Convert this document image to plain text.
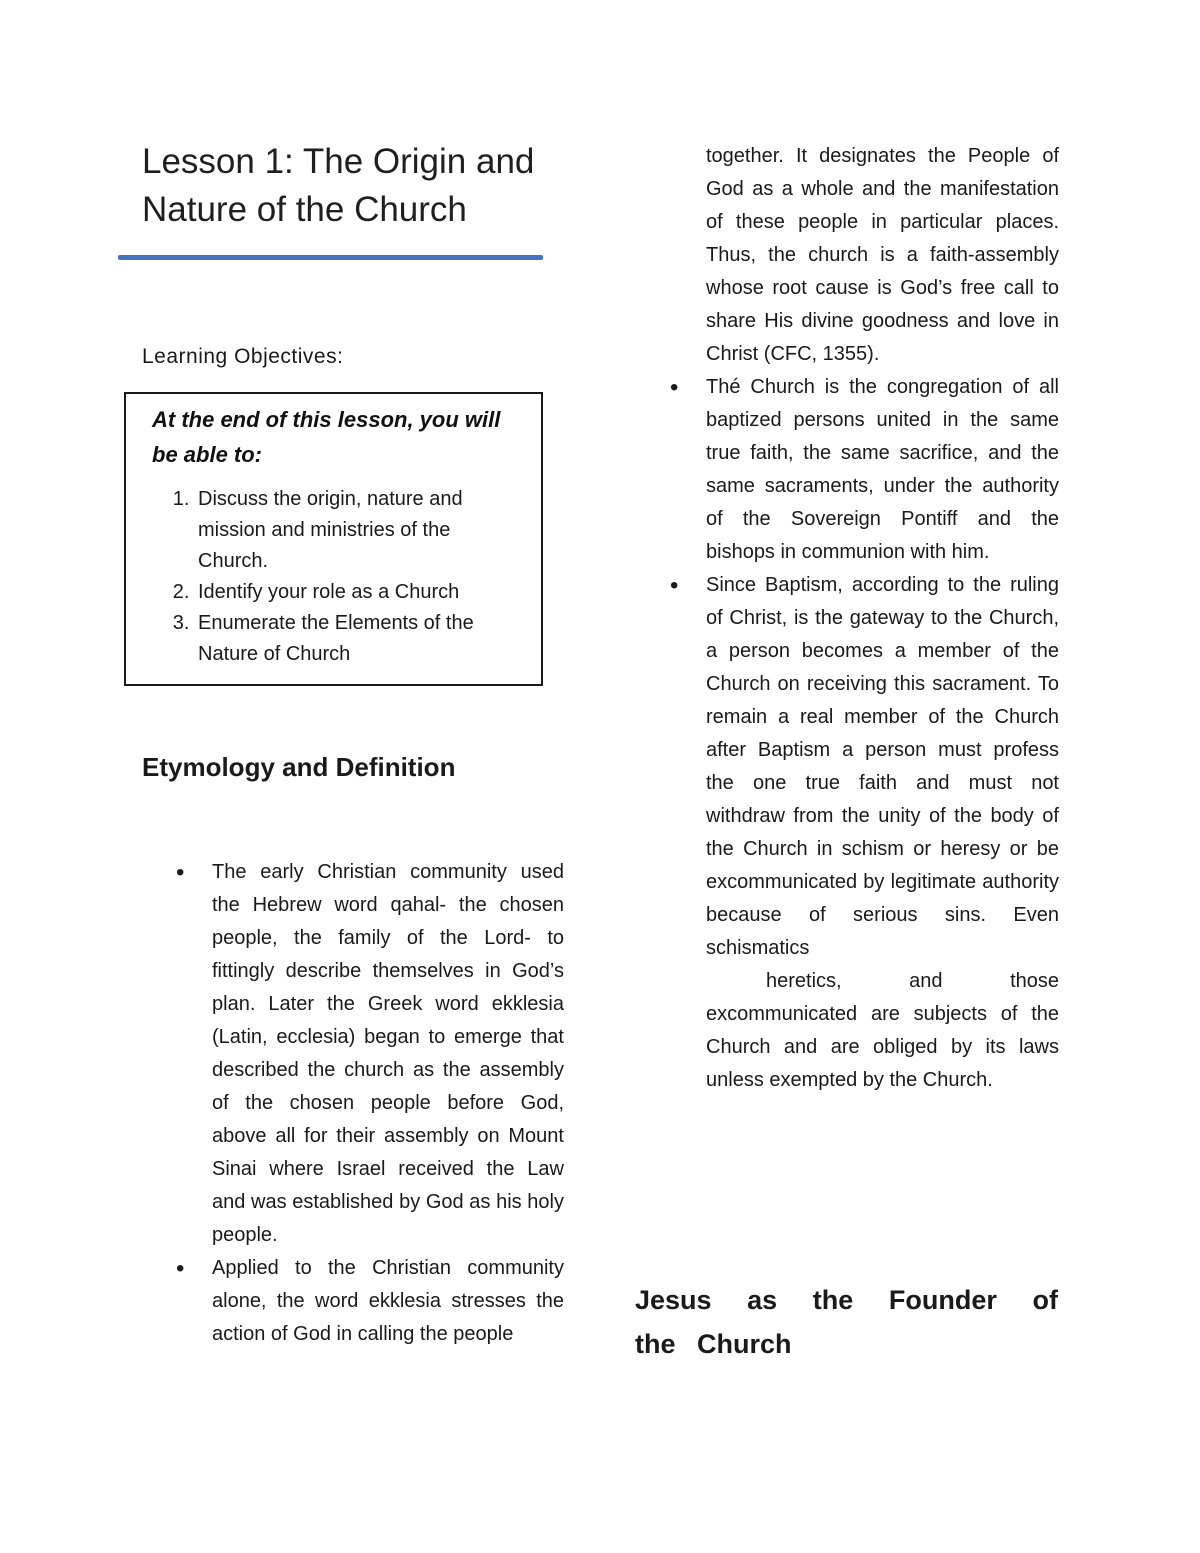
Lesson 1: The Origin and Nature of the Church
Learning Objectives:

At the end of this lesson, you will be able to:

1. Discuss the origin, nature and mission and ministries of the Church.
2. Identify your role as a Church
3. Enumerate the Elements of the Nature of Church
Etymology and Definition
• The early Christian community used the Hebrew word qahal- the chosen people, the family of the Lord- to fittingly describe themselves in God’s plan. Later the Greek word ekklesia (Latin, ecclesia) began to emerge that described the church as the assembly of the chosen people before God, above all for their assembly on Mount Sinai where Israel received the Law and was established by God as his holy people.
• Applied to the Christian community alone, the word ekklesia stresses the action of God in calling the people

together. It designates the People of God as a whole and the manifestation of these people in particular places. Thus, the church is a faith-assembly whose root cause is God’s free call to share His divine goodness and love in Christ (CFC, 1355).

• Thé Church is the congregation of all baptized persons united in the same true faith, the same sacrifice, and the same sacraments, under the authority of the Sovereign Pontiff and the bishops in communion with him.
• Since Baptism, according to the ruling of Christ, is the gateway to the Church, a person becomes a member of the Church on receiving this sacrament. To remain a real member of the Church after Baptism a person must profess the one true faith and must not withdraw from the unity of the body of the Church in schism or heresy or be excommunicated by legitimate authority because of serious sins. Even schismatics

heretics, and those

excommunicated are subjects of the Church and are obliged by its laws unless exempted by the Church.

Jesus as the Founder of the Church
